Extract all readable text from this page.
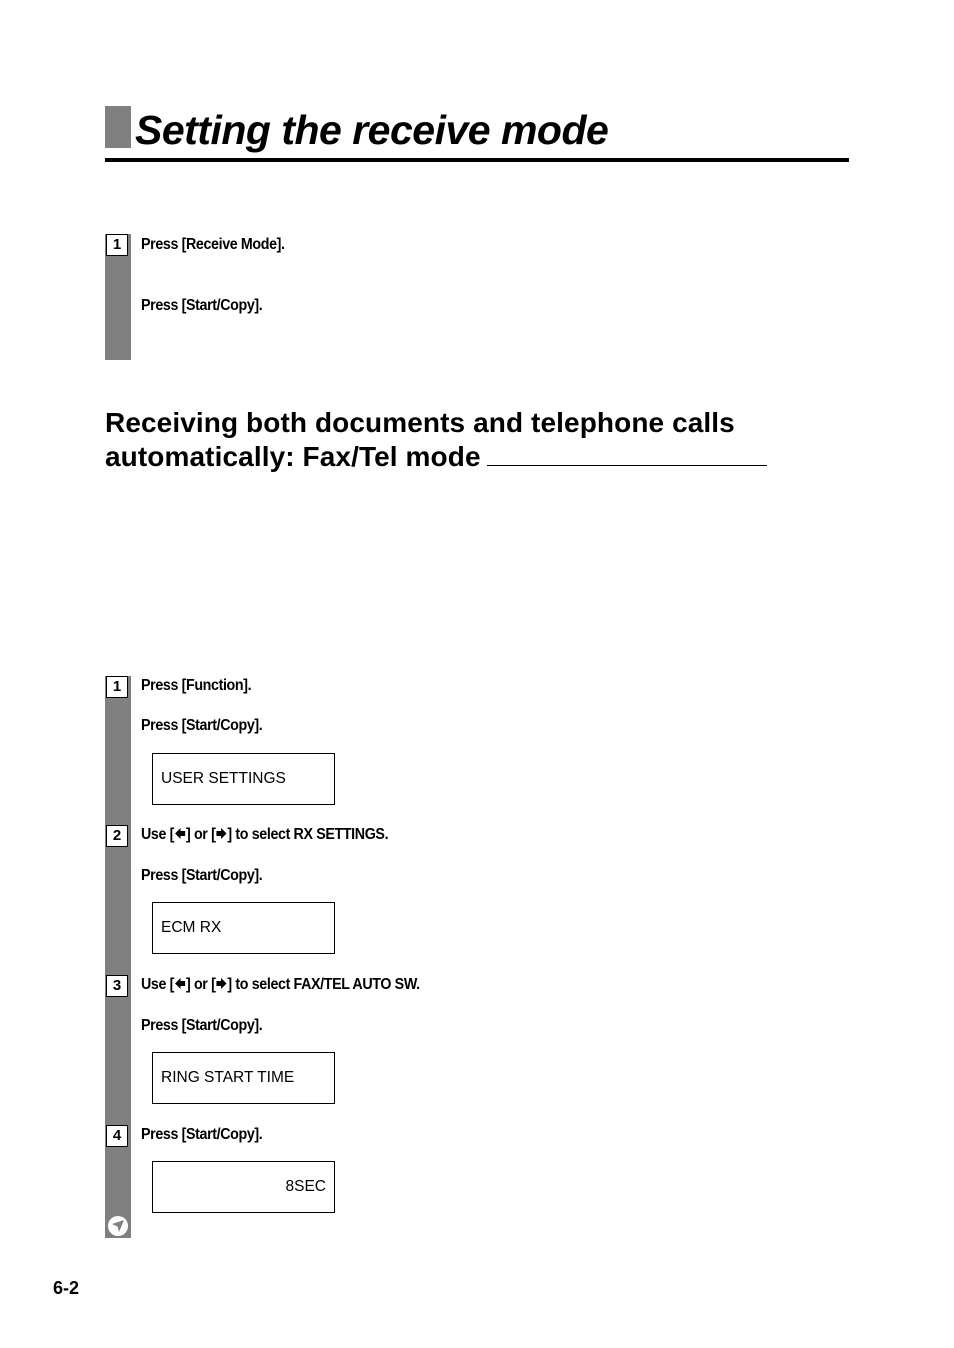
Setting the receive mode
1	Press [Receive Mode].
Press [Start/Copy].
Receiving both documents and telephone calls
automatically: Fax/Tel mode
1	Press [Function].
Press [Start/Copy].
USER SETTINGS
2	Use [ ] or [ ] to select RX SETTINGS.
Press [Start/Copy].
ECM RX
3	Use [ ] or [ ] to select FAX/TEL AUTO SW.
Press [Start/Copy].
RING START TIME
4	Press [Start/Copy].
8SEC
6-2
